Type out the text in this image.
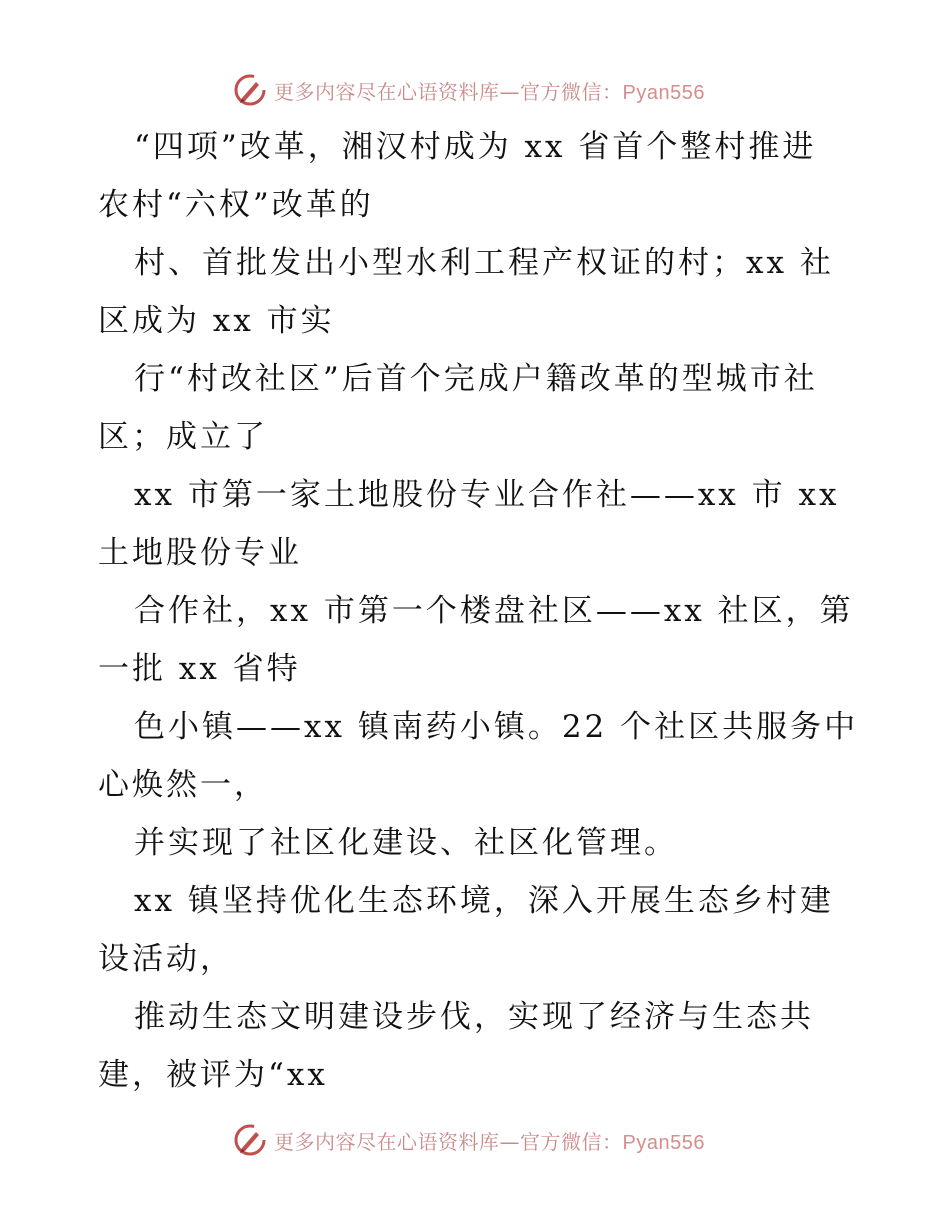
更多内容尽在心语资料库—官方微信：Pyan556
“四项”改革，湘汉村成为 xx 省首个整村推进
农村“六权”改革的
村、首批发出小型水利工程产权证的村；xx 社
区成为 xx 市实
行“村改社区”后首个完成户籍改革的型城市社
区；成立了
xx 市第一家土地股份专业合作社——xx 市 xx
土地股份专业
合作社，xx 市第一个楼盘社区——xx 社区，第
一批 xx 省特
色小镇——xx 镇南药小镇。22 个社区共服务中
心焕然一，
并实现了社区化建设、社区化管理。
xx 镇坚持优化生态环境，深入开展生态乡村建
设活动，
推动生态文明建设步伐，实现了经济与生态共
建，被评为“xx
更多内容尽在心语资料库—官方微信：Pyan556
